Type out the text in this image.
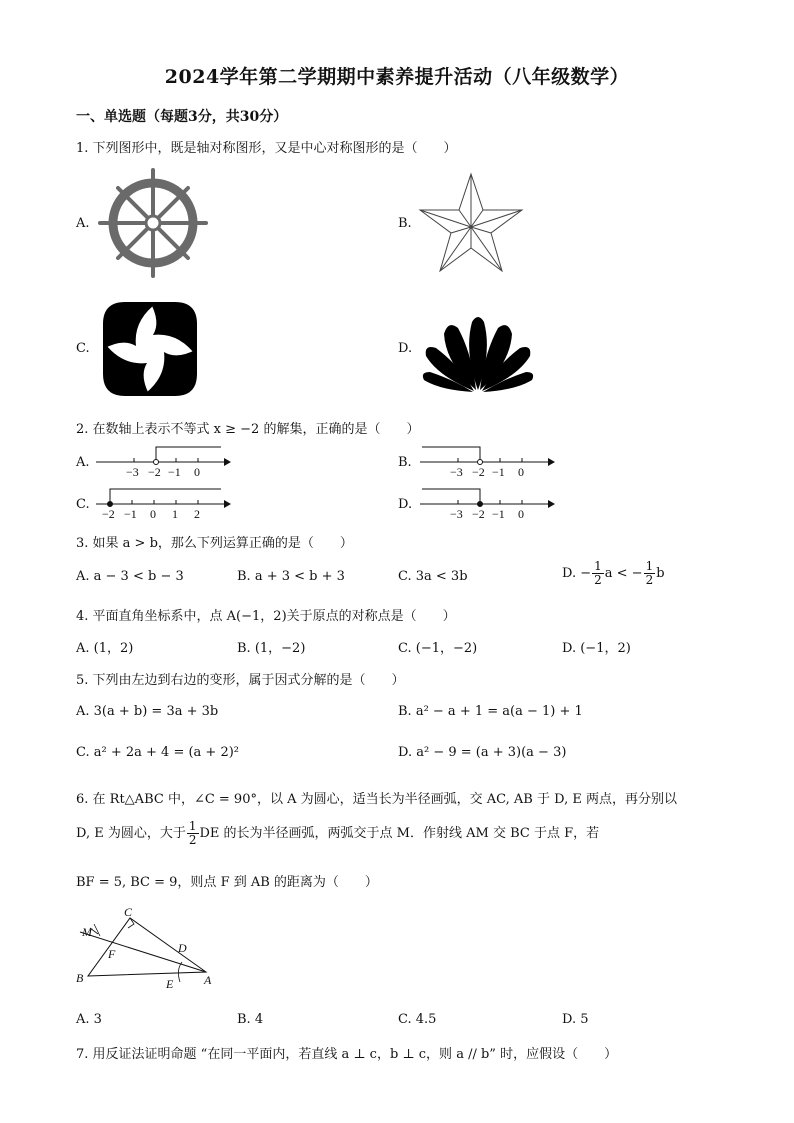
2024学年第二学期期中素养提升活动（八年级数学）
一、单选题（每题3分，共30分）
1. 下列图形中，既是轴对称图形，又是中心对称图形的是（　　）
A.	B.
C.	D.
2. 在数轴上表示不等式 x ≥ −2 的解集，正确的是（　　）
A.
−3 −2 −1 0
B.
−3 −2 −1 0
C.
−2 −1 0 1 2
D.
−3 −2 −1 0
3. 如果 a > b，那么下列运算正确的是（　　）
A. a − 3 < b − 3	B. a + 3 < b + 3	C. 3a < 3b	D. − $\frac{1}{2}$ a < − $\frac{1}{2}$ b
4. 平面直角坐标系中，点 A(−1，2)关于原点的对称点是（　　）
A. (1，2)	B. (1，−2)	C. (−1，−2)	D. (−1，2)
5. 下列由左边到右边的变形，属于因式分解的是（　　）
A. 3(a + b) = 3a + 3b	B. a² − a + 1 = a(a − 1) + 1
C. a² + 2a + 4 = (a + 2)²	D. a² − 9 = (a + 3)(a − 3)
6. 在 Rt△ABC 中，∠C = 90°，以 A 为圆心，适当长为半径画弧，交 AC, AB 于 D, E 两点，再分别以
D, E 为圆心，大于 $\frac{1}{2}$ DE 的长为半径画弧，两弧交于点 M．作射线 AM 交 BC 于点 F，若
BF = 5, BC = 9，则点 F 到 AB 的距离为（　　）
C
M
F	D
B	E	A
A. 3	B. 4	C. 4.5	D. 5
7. 用反证法证明命题 “在同一平面内，若直线 a ⊥ c，b ⊥ c，则 a // b” 时，应假设（　　）
